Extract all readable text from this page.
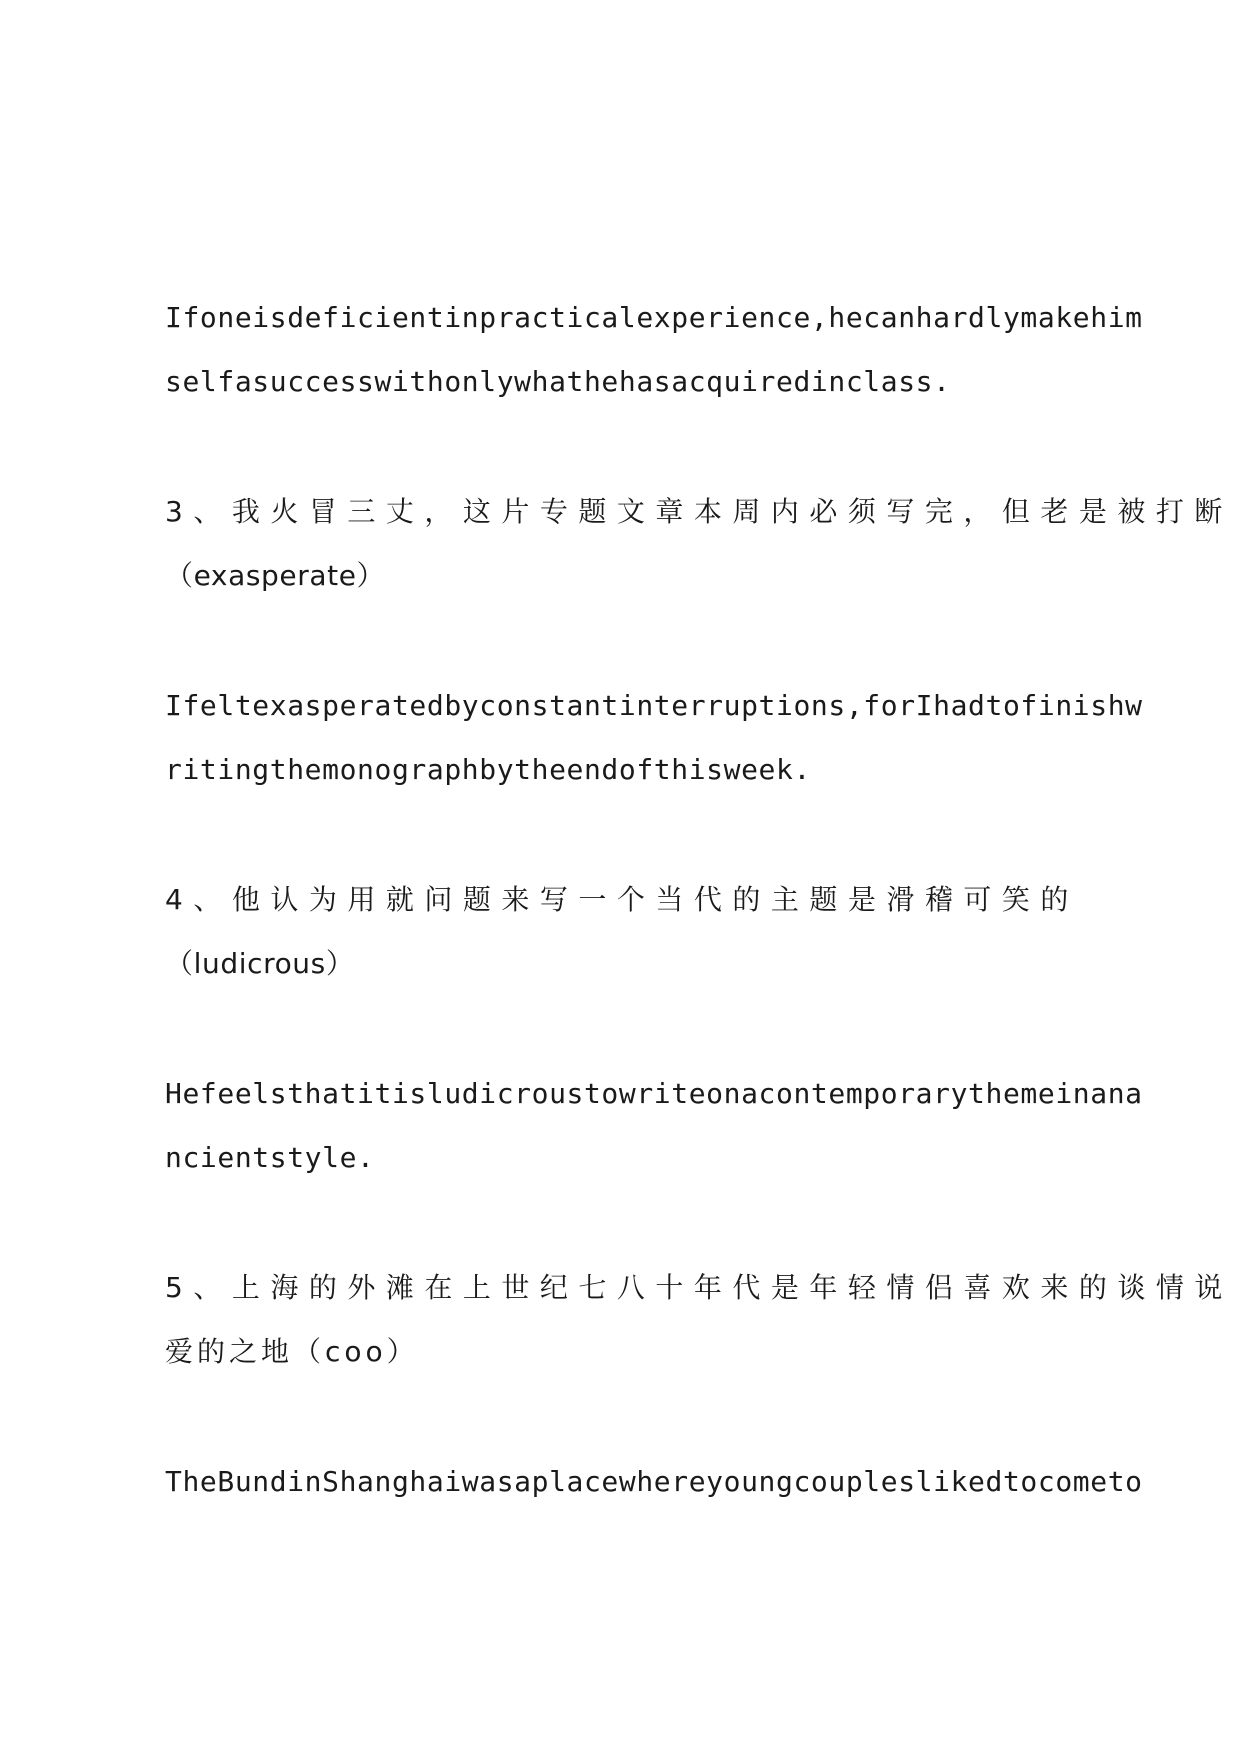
Ifoneisdeficientinpracticalexperience,hecanhardlymakehim
selfasuccesswithonlywhathehasacquiredinclass.
3、我火冒三丈，这片专题文章本周内必须写完，但老是被打断
（exasperate）
Ifeltexasperatedbyconstantinterruptions,forIhadtofinishw
ritingthemonographbytheendofthisweek.
4、他认为用就问题来写一个当代的主题是滑稽可笑的
（ludicrous）
Hefeelsthatitisludicroustowriteonacontemporarythemeinana
ncientstyle.
5、上海的外滩在上世纪七八十年代是年轻情侣喜欢来的谈情说
爱的之地（coo）
TheBundinShanghaiwasaplacewhereyoungcoupleslikedtocometo
